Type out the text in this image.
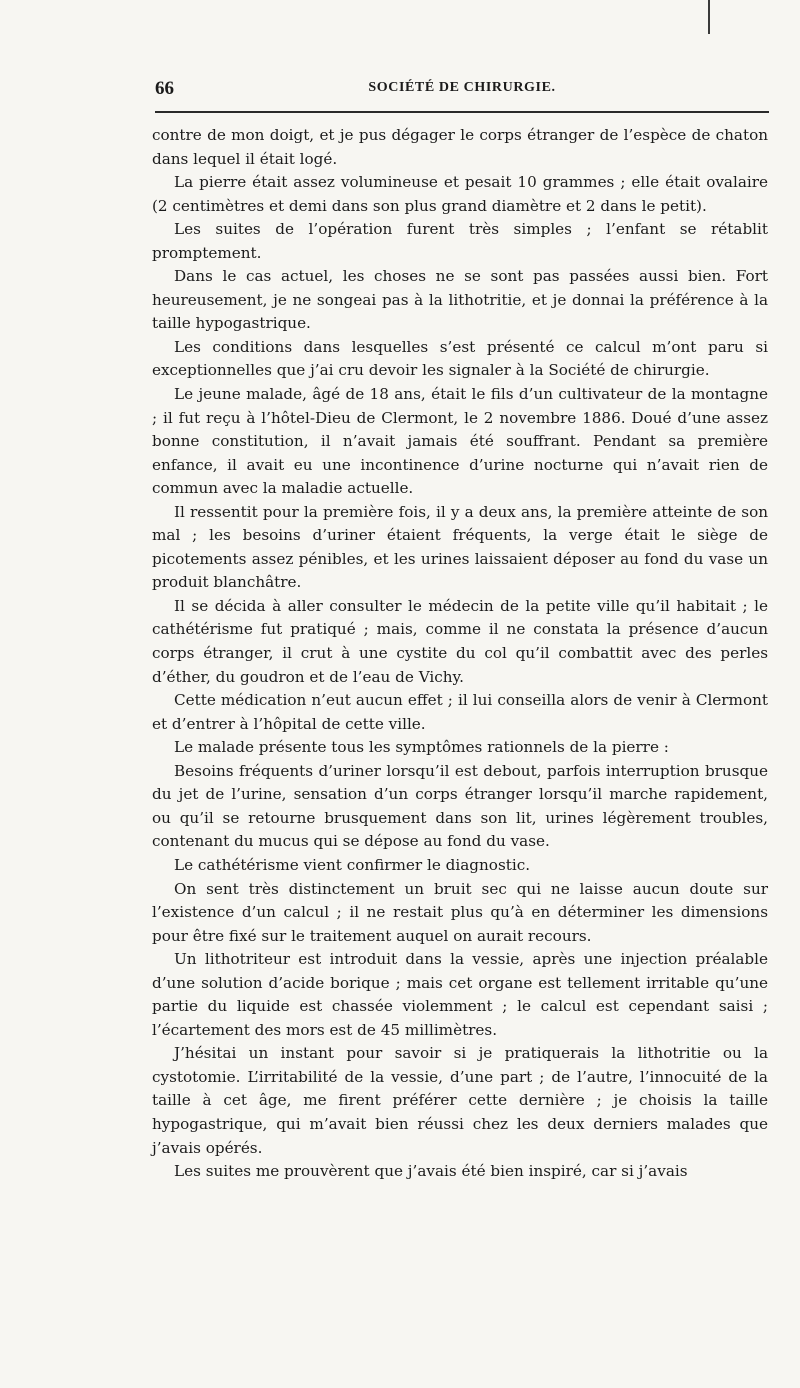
66	SOCIÉTÉ DE CHIRURGIE.

contre de mon doigt, et je pus dégager le corps étranger de l’espèce de chaton dans lequel il était logé.

La pierre était assez volumineuse et pesait 10 grammes ; elle était ovalaire (2 centimètres et demi dans son plus grand diamètre et 2 dans le petit).

Les suites de l’opération furent très simples ; l’enfant se rétablit promptement.

Dans le cas actuel, les choses ne se sont pas passées aussi bien. Fort heureusement, je ne songeai pas à la lithotritie, et je donnai la préférence à la taille hypogastrique.

Les conditions dans lesquelles s’est présenté ce calcul m’ont paru si exceptionnelles que j’ai cru devoir les signaler à la Société de chirurgie.

Le jeune malade, âgé de 18 ans, était le fils d’un cultivateur de la montagne ; il fut reçu à l’hôtel-Dieu de Clermont, le 2 novembre 1886. Doué d’une assez bonne constitution, il n’avait jamais été souffrant. Pendant sa première enfance, il avait eu une incontinence d’urine nocturne qui n’avait rien de commun avec la maladie actuelle.

Il ressentit pour la première fois, il y a deux ans, la première atteinte de son mal ; les besoins d’uriner étaient fréquents, la verge était le siège de picotements assez pénibles, et les urines laissaient déposer au fond du vase un produit blanchâtre.

Il se décida à aller consulter le médecin de la petite ville qu’il habitait ; le cathétérisme fut pratiqué ; mais, comme il ne constata la présence d’aucun corps étranger, il crut à une cystite du col qu’il combattit avec des perles d’éther, du goudron et de l’eau de Vichy.

Cette médication n’eut aucun effet ; il lui conseilla alors de venir à Clermont et d’entrer à l’hôpital de cette ville.

Le malade présente tous les symptômes rationnels de la pierre :

Besoins fréquents d’uriner lorsqu’il est debout, parfois interruption brusque du jet de l’urine, sensation d’un corps étranger lorsqu’il marche rapidement, ou qu’il se retourne brusquement dans son lit, urines légèrement troubles, contenant du mucus qui se dépose au fond du vase.

Le cathétérisme vient confirmer le diagnostic.

On sent très distinctement un bruit sec qui ne laisse aucun doute sur l’existence d’un calcul ; il ne restait plus qu’à en déterminer les dimensions pour être fixé sur le traitement auquel on aurait recours.

Un lithotriteur est introduit dans la vessie, après une injection préalable d’une solution d’acide borique ; mais cet organe est tellement irritable qu’une partie du liquide est chassée violemment ; le calcul est cependant saisi ; l’écartement des mors est de 45 millimètres.

J’hésitai un instant pour savoir si je pratiquerais la lithotritie ou la cystotomie. L’irritabilité de la vessie, d’une part ; de l’autre, l’innocuité de la taille à cet âge, me firent préférer cette dernière ; je choisis la taille hypogastrique, qui m’avait bien réussi chez les deux derniers malades que j’avais opérés.

Les suites me prouvèrent que j’avais été bien inspiré, car si j’avais
